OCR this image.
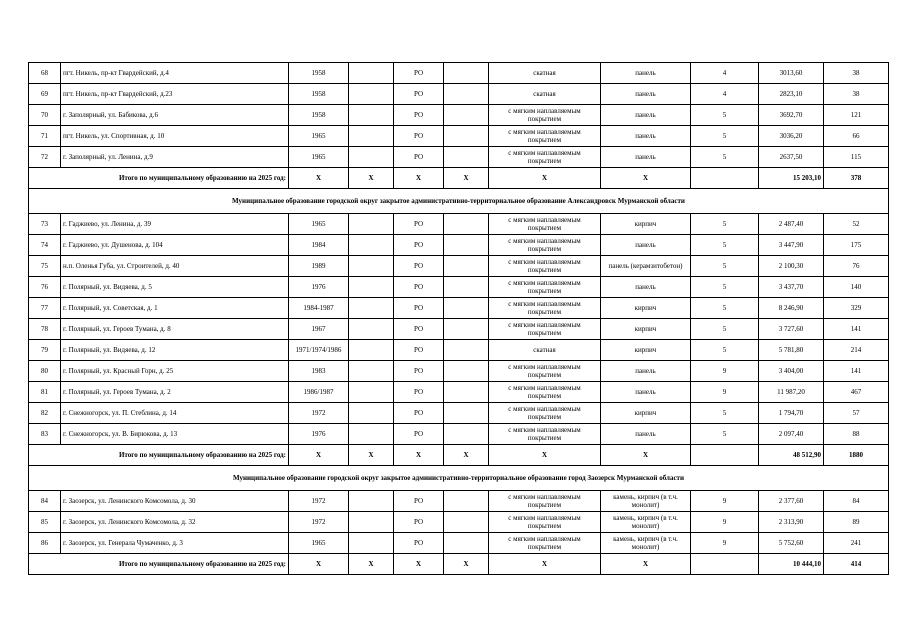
68	пгт. Никель, пр-кт Гвардейский, д.4	1958		РО		скатная	панель	4	3013,60	38
69	пгт. Никель, пр-кт Гвардейский, д.23	1958		РО		скатная	панель	4	2823,10	38
70	г. Заполярный, ул. Бабикова, д.6	1958		РО		с мягким наплавляемым покрытием	панель	5	3692,70	121
71	пгт. Никель, ул. Спортивная, д. 10	1965		РО		с мягким наплавляемым покрытием	панель	5	3036,20	66
72	г. Заполярный, ул. Ленина, д.9	1965		РО		с мягким наплавляемым покрытием	панель	5	2637,50	115
Итого по муниципальному образованию на 2025 год:		X	X	X	X	X	X		15 203,10	378
Муниципальное образование городской округ закрытое административно-территориальное образование Александровск Мурманской области										
73	г. Гаджиево, ул. Ленина, д. 39	1965		РО		с мягким наплавляемым покрытием	кирпич	5	2 487,40	52
74	г. Гаджиево, ул. Душенова, д. 104	1984		РО		с мягким наплавляемым покрытием	панель	5	3 447,90	175
75	н.п. Оленья Губа, ул. Строителей, д. 40	1989		РО		с мягким наплавляемым покрытием	панель (керамзитобетон)	5	2 100,30	76
76	г. Полярный, ул. Видяева, д. 5	1976		РО		с мягким наплавляемым покрытием	панель	5	3 437,70	140
77	г. Полярный, ул. Советская, д. 1	1984-1987		РО		с мягким наплавляемым покрытием	кирпич	5	8 246,90	329
78	г. Полярный, ул. Героев Тумана, д. 8	1967		РО		с мягким наплавляемым покрытием	кирпич	5	3 727,60	141
79	г. Полярный, ул. Видяева, д. 12	1971/1974/1986		РО		скатная	кирпич	5	5 781,80	214
80	г. Полярный, ул. Красный Горн, д. 25	1983		РО		с мягким наплавляемым покрытием	панель	9	3 404,00	141
81	г. Полярный, ул. Героев Тумана, д. 2	1986/1987		РО		с мягким наплавляемым покрытием	панель	9	11 987,20	467
82	г. Снежногорск, ул. П. Стеблина, д. 14	1972		РО		с мягким наплавляемым покрытием	кирпич	5	1 794,70	57
83	г. Снежногорск, ул. В. Бирюкова, д. 13	1976		РО		с мягким наплавляемым покрытием	панель	5	2 097,40	88
Итого по муниципальному образованию на 2025 год:		X	X	X	X	X	X		48 512,90	1880
Муниципальное образование городской округ закрытое административно-территориальное образование город Заозерск Мурманской области										
84	г. Заозерск, ул. Ленинского Комсомола, д. 30	1972		РО		с мягким наплавляемым покрытием	камень, кирпич (в т.ч. монолит)	9	2 377,60	84
85	г. Заозерск, ул. Ленинского Комсомола, д. 32	1972		РО		с мягким наплавляемым покрытием	камень, кирпич (в т.ч. монолит)	9	2 313,90	89
86	г. Заозерск, ул. Генерала Чумаченко, д. 3	1965		РО		с мягким наплавляемым покрытием	камень, кирпич (в т.ч. монолит)	9	5 752,60	241
Итого по муниципальному образованию на 2025 год:		X	X	X	X	X	X		10 444,10	414
